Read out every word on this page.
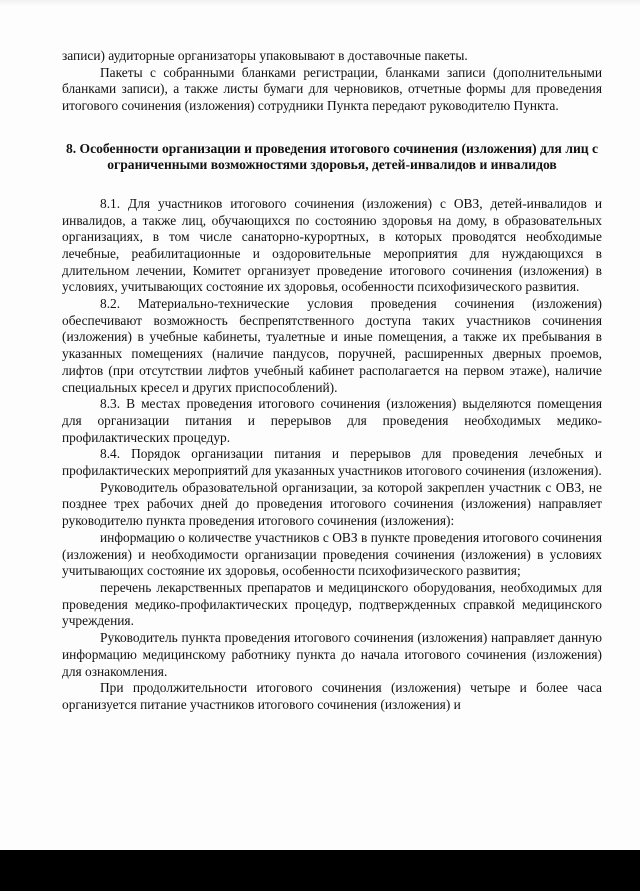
записи) аудиторные организаторы упаковывают в доставочные пакеты.

Пакеты с собранными бланками регистрации, бланками записи (дополнительными бланками записи), а также листы бумаги для черновиков, отчетные формы для проведения итогового сочинения (изложения) сотрудники Пункта передают руководителю Пункта.

8. Особенности организации и проведения итогового сочинения (изложения) для лиц с ограниченными возможностями здоровья, детей-инвалидов и инвалидов

8.1. Для участников итогового сочинения (изложения) с ОВЗ, детей-инвалидов и инвалидов, а также лиц, обучающихся по состоянию здоровья на дому, в образовательных организациях, в том числе санаторно-курортных, в которых проводятся необходимые лечебные, реабилитационные и оздоровительные мероприятия для нуждающихся в длительном лечении, Комитет организует проведение итогового сочинения (изложения) в условиях, учитывающих состояние их здоровья, особенности психофизического развития.

8.2. Материально-технические условия проведения сочинения (изложения) обеспечивают возможность беспрепятственного доступа таких участников сочинения (изложения) в учебные кабинеты, туалетные и иные помещения, а также их пребывания в указанных помещениях (наличие пандусов, поручней, расширенных дверных проемов, лифтов (при отсутствии лифтов учебный кабинет располагается на первом этаже), наличие специальных кресел и других приспособлений).

8.3. В местах проведения итогового сочинения (изложения) выделяются помещения для организации питания и перерывов для проведения необходимых медико-профилактических процедур.

8.4. Порядок организации питания и перерывов для проведения лечебных и профилактических мероприятий для указанных участников итогового сочинения (изложения).

Руководитель образовательной организации, за которой закреплен участник с ОВЗ, не позднее трех рабочих дней до проведения итогового сочинения (изложения) направляет руководителю пункта проведения итогового сочинения (изложения):

информацию о количестве участников с ОВЗ в пункте проведения итогового сочинения (изложения) и необходимости организации проведения сочинения (изложения) в условиях учитывающих состояние их здоровья, особенности психофизического развития;

перечень лекарственных препаратов и медицинского оборудования, необходимых для проведения медико-профилактических процедур, подтвержденных справкой медицинского учреждения.

Руководитель пункта проведения итогового сочинения (изложения) направляет данную информацию медицинскому работнику пункта до начала итогового сочинения (изложения) для ознакомления.

При продолжительности итогового сочинения (изложения) четыре и более часа организуется питание участников итогового сочинения (изложения) и
